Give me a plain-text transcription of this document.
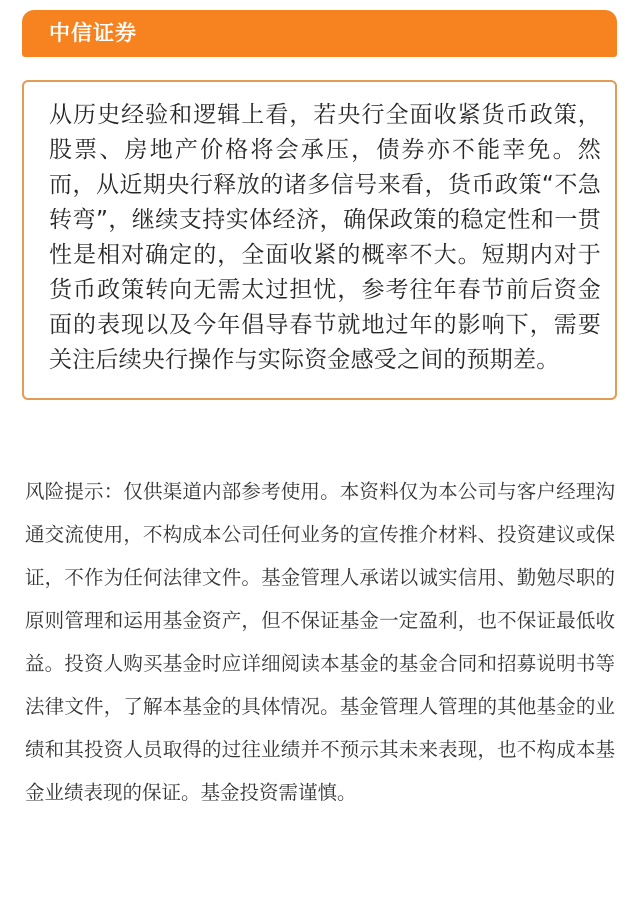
中信证券

从历史经验和逻辑上看，若央行全面收紧货币政策，股票、房地产价格将会承压，债券亦不能幸免。然而，从近期央行释放的诸多信号来看，货币政策“不急转弯”，继续支持实体经济，确保政策的稳定性和一贯性是相对确定的，全面收紧的概率不大。短期内对于货币政策转向无需太过担忧，参考往年春节前后资金面的表现以及今年倡导春节就地过年的影响下，需要关注后续央行操作与实际资金感受之间的预期差。

风险提示：仅供渠道内部参考使用。本资料仅为本公司与客户经理沟通交流使用，不构成本公司任何业务的宣传推介材料、投资建议或保证，不作为任何法律文件。基金管理人承诺以诚实信用、勤勉尽职的原则管理和运用基金资产，但不保证基金一定盈利，也不保证最低收益。投资人购买基金时应详细阅读本基金的基金合同和招募说明书等法律文件，了解本基金的具体情况。基金管理人管理的其他基金的业绩和其投资人员取得的过往业绩并不预示其未来表现，也不构成本基金业绩表现的保证。基金投资需谨慎。
